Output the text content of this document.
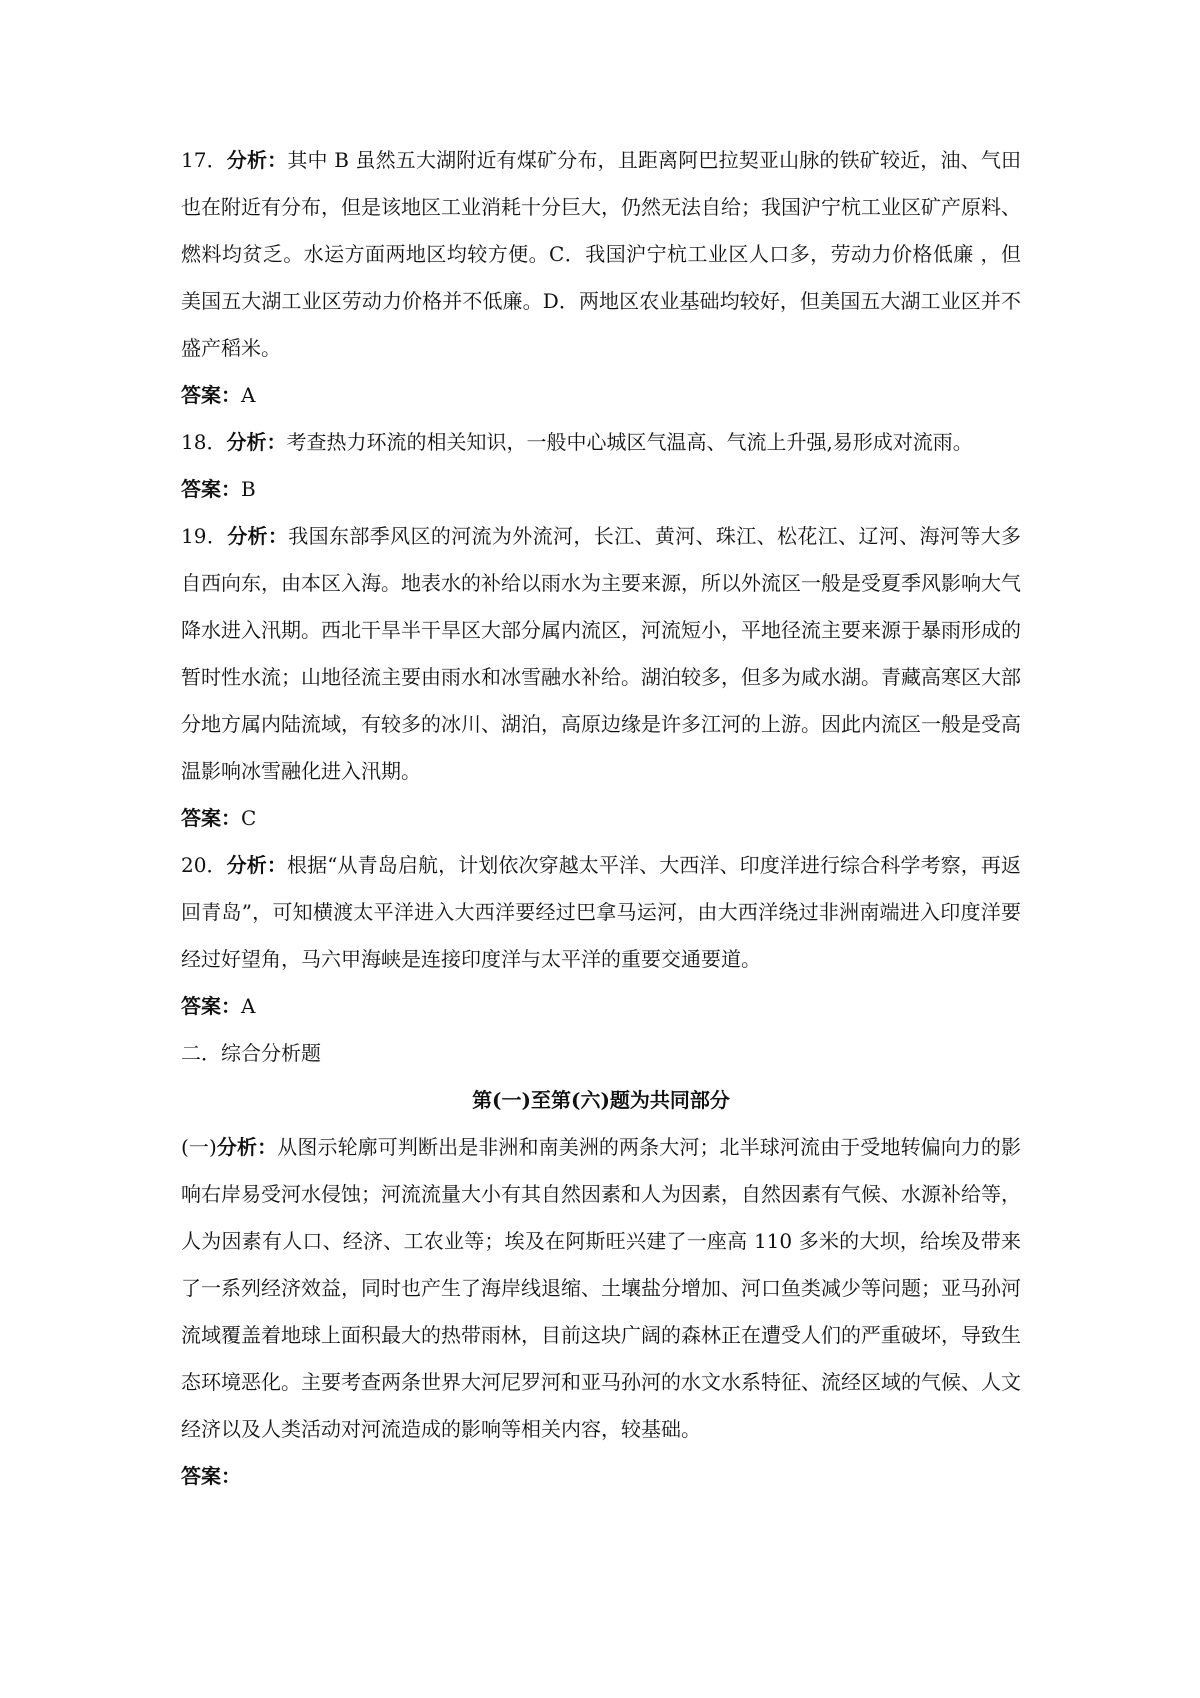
17．分析：其中 B 虽然五大湖附近有煤矿分布，且距离阿巴拉契亚山脉的铁矿较近，油、气田也在附近有分布，但是该地区工业消耗十分巨大，仍然无法自给；我国沪宁杭工业区矿产原料、燃料均贫乏。水运方面两地区均较方便。C．我国沪宁杭工业区人口多，劳动力价格低廉 ，但美国五大湖工业区劳动力价格并不低廉。D．两地区农业基础均较好，但美国五大湖工业区并不盛产稻米。

答案：A

18．分析：考查热力环流的相关知识，一般中心城区气温高、气流上升强,易形成对流雨。

答案：B

19．分析：我国东部季风区的河流为外流河，长江、黄河、珠江、松花江、辽河、海河等大多自西向东，由本区入海。地表水的补给以雨水为主要来源，所以外流区一般是受夏季风影响大气降水进入汛期。西北干旱半干旱区大部分属内流区，河流短小，平地径流主要来源于暴雨形成的暂时性水流；山地径流主要由雨水和冰雪融水补给。湖泊较多，但多为咸水湖。青藏高寒区大部分地方属内陆流域，有较多的冰川、湖泊，高原边缘是许多江河的上游。因此内流区一般是受高温影响冰雪融化进入汛期。

答案：C

20．分析：根据“从青岛启航，计划依次穿越太平洋、大西洋、印度洋进行综合科学考察，再返回青岛”，可知横渡太平洋进入大西洋要经过巴拿马运河，由大西洋绕过非洲南端进入印度洋要经过好望角，马六甲海峡是连接印度洋与太平洋的重要交通要道。

答案：A

二．综合分析题

第(一)至第(六)题为共同部分

(一)分析：从图示轮廓可判断出是非洲和南美洲的两条大河；北半球河流由于受地转偏向力的影响右岸易受河水侵蚀；河流流量大小有其自然因素和人为因素，自然因素有气候、水源补给等，人为因素有人口、经济、工农业等；埃及在阿斯旺兴建了一座高 110 多米的大坝，给埃及带来了一系列经济效益，同时也产生了海岸线退缩、土壤盐分增加、河口鱼类减少等问题；亚马孙河流域覆盖着地球上面积最大的热带雨林，目前这块广阔的森林正在遭受人们的严重破坏，导致生态环境恶化。主要考查两条世界大河尼罗河和亚马孙河的水文水系特征、流经区域的气候、人文经济以及人类活动对河流造成的影响等相关内容，较基础。

答案：
